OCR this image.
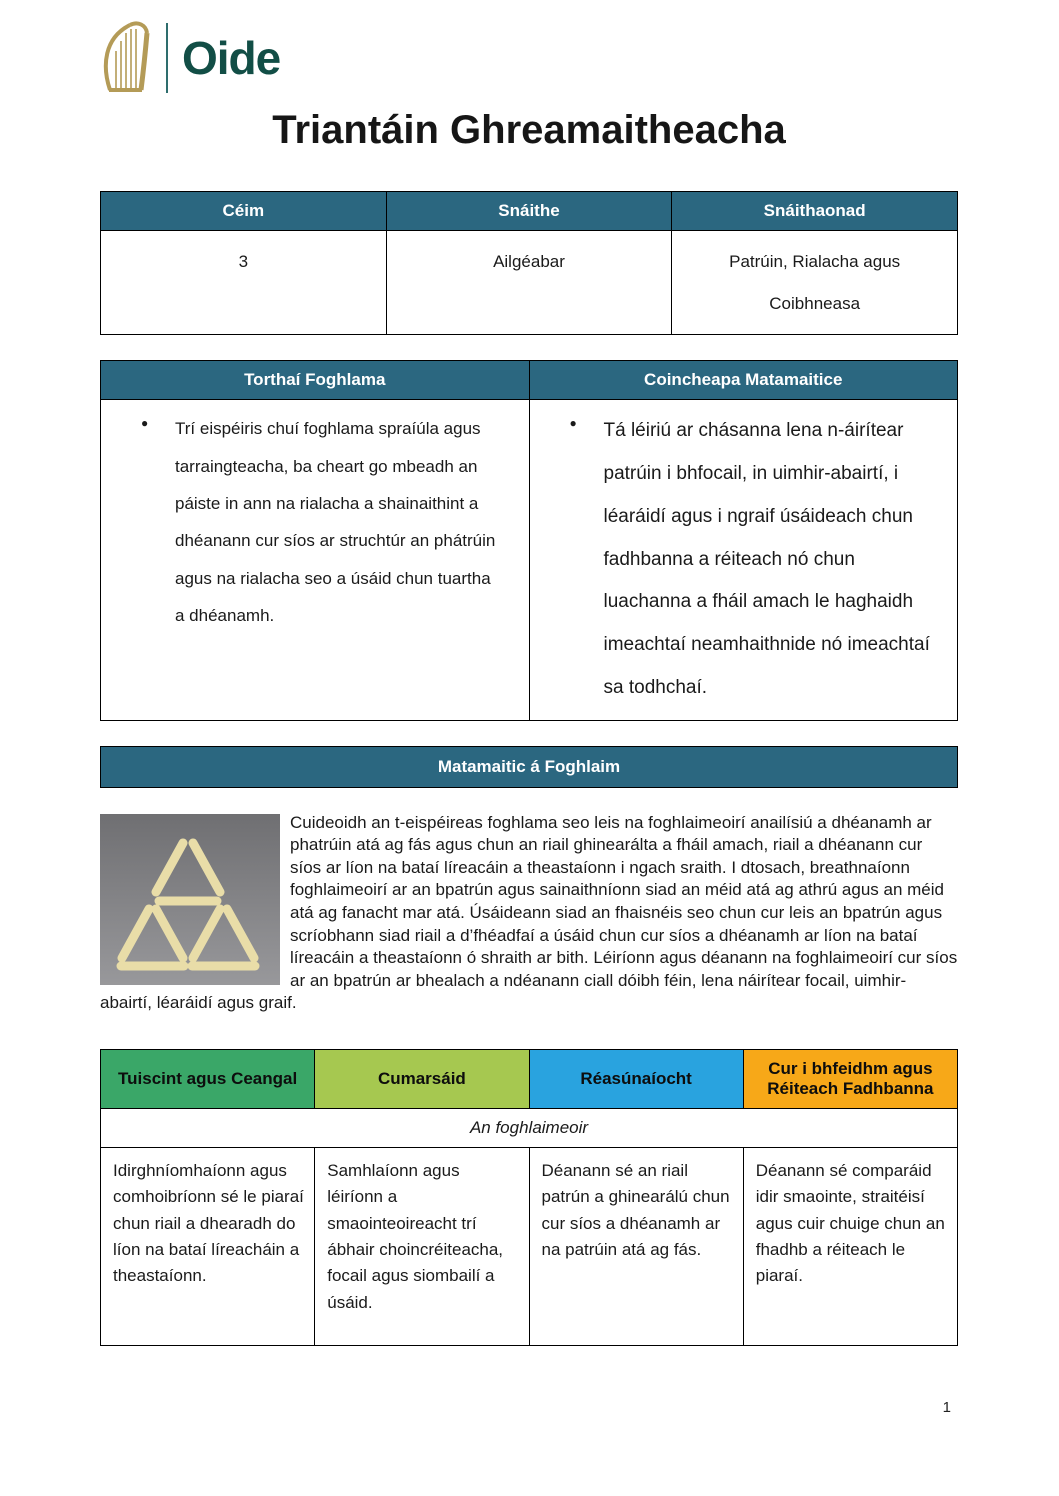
Oide
Triantáin Ghreamaitheacha
Céim	Snáithe	Snáithaonad
3	Ailgéabar	Patrúin, Rialacha agus Coibhneasa
Torthaí Foghlama	Coincheapa Matamaitice

● Trí eispéiris chuí foghlama spraíúla agus tarraingteacha, ba cheart go mbeadh an páiste in ann na rialacha a shainaithint a dhéanann cur síos ar struchtúr an phátrúin agus na rialacha seo a úsáid chun tuartha a dhéanamh.

● Tá léiriú ar chásanna lena n-áirítear patrúin i bhfocail, in uimhir-abairtí, i léaráidí agus i ngraif úsáideach chun fadhbanna a réiteach nó chun luachanna a fháil amach le haghaidh imeachtaí neamhaithnide nó imeachtaí sa todhchaí.
Matamaitic á Foghlaim
Cuideoidh an t-eispéireas foghlama seo leis na foghlaimeoirí anailísiú a dhéanamh ar phatrúin atá ag fás agus chun an riail ghinearálta a fháil amach, riail a dhéanann cur síos ar líon na bataí líreacáin a theastaíonn i ngach sraith. I dtosach, breathnaíonn foghlaimeoirí ar an bpatrún agus sainaithníonn siad an méid atá ag athrú agus an méid atá ag fanacht mar atá. Úsáideann siad an fhaisnéis seo chun cur leis an bpatrún agus scríobhann siad riail a d’fhéadfaí a úsáid chun cur síos a dhéanamh ar líon na bataí líreacáin a theastaíonn ó shraith ar bith. Léiríonn agus déanann na foghlaimeoirí cur síos ar an bpatrún ar bhealach a ndéanann ciall dóibh féin, lena náirítear focail, uimhir-abairtí, léaráidí agus graif.
Tuiscint agus Ceangal	Cumarsáid	Réasúnaíocht	Cur i bhfeidhm agus Réiteach Fadhbanna
An foghlaimeoir			
Idirghníomhaíonn agus comhoibríonn sé le piaraí chun riail a dhearadh do líon na bataí líreacháin a theastaíonn.	Samhlaíonn agus léiríonn a smaointeoireacht trí ábhair choincréiteacha, focail agus siombailí a úsáid.	Déanann sé an riail patrún a ghinearálú chun cur síos a dhéanamh ar na patrúin atá ag fás.	Déanann sé comparáid idir smaointe, straitéisí agus cuir chuige chun an fhadhb a réiteach le piaraí.
1
